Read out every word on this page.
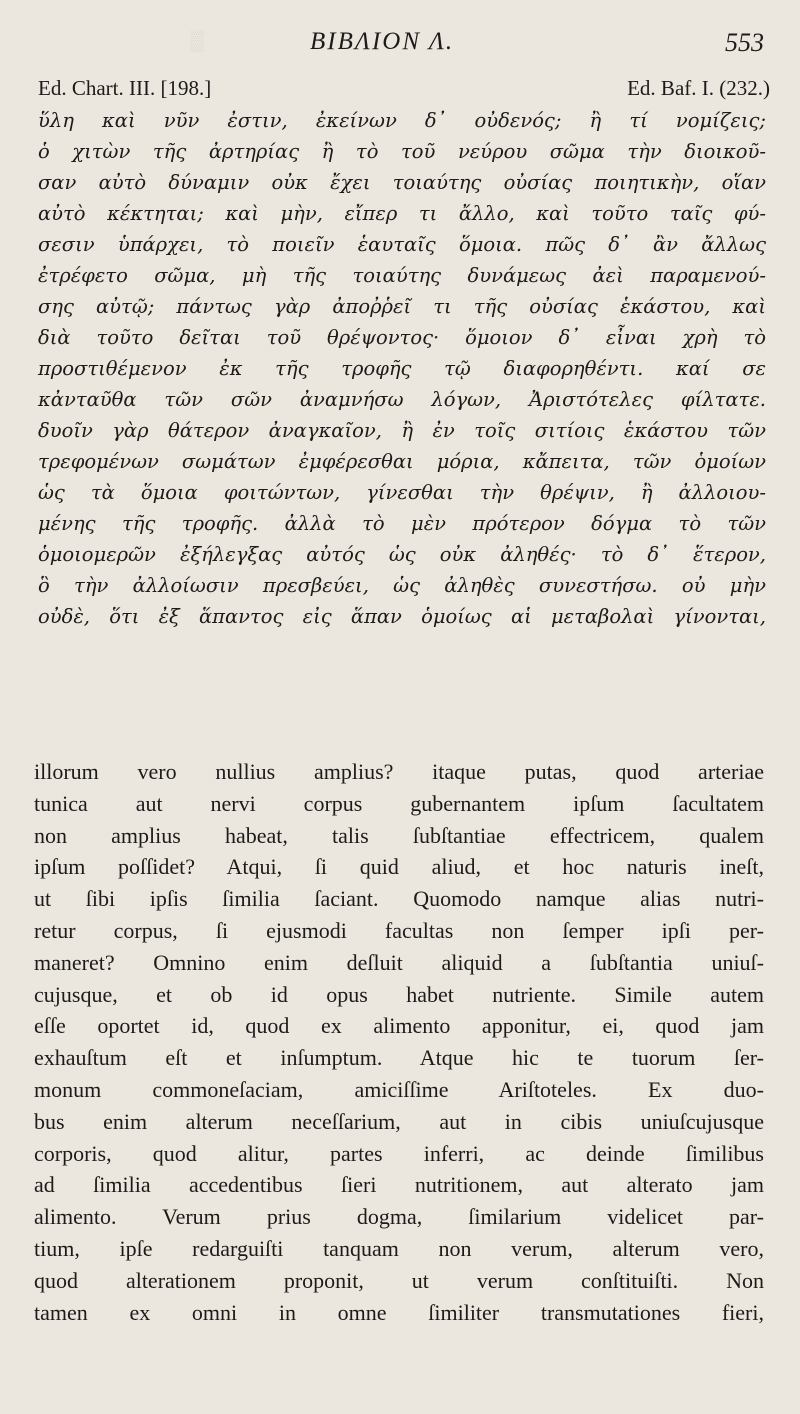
▒	ΒΙΒΛΙΟΝ Λ.	553
Ed. Chart. III. [198.]	Ed. Baf. I. (232.)
ὕλη καὶ νῦν ἐστιν, ἐκείνων δ᾽ οὐδενός; ἢ τί νομίζεις;
ὁ χιτὼν τῆς ἀρτηρίας ἢ τὸ τοῦ νεύρου σῶμα τὴν διοικοῦ-
σαν αὐτὸ δύναμιν οὐκ ἔχει τοιαύτης οὐσίας ποιητικὴν, οἵαν
αὐτὸ κέκτηται; καὶ μὴν, εἴπερ τι ἄλλο, καὶ τοῦτο ταῖς φύ-
σεσιν ὑπάρχει, τὸ ποιεῖν ἑαυταῖς ὅμοια. πῶς δ᾽ ἂν ἄλλως
ἐτρέφετο σῶμα, μὴ τῆς τοιαύτης δυνάμεως ἀεὶ παραμενού-
σης αὐτῷ; πάντως γὰρ ἀποῤῥεῖ τι τῆς οὐσίας ἑκάστου, καὶ
διὰ τοῦτο δεῖται τοῦ θρέψοντος· ὅμοιον δ᾽ εἶναι χρὴ τὸ
προστιθέμενον ἐκ τῆς τροφῆς τῷ διαφορηθέντι. καί σε
κἀνταῦθα τῶν σῶν ἀναμνήσω λόγων, Ἀριστότελες φίλτατε.
δυοῖν γὰρ θάτερον ἀναγκαῖον, ἢ ἐν τοῖς σιτίοις ἑκάστου τῶν
τρεφομένων σωμάτων ἐμφέρεσθαι μόρια, κἄπειτα, τῶν ὁμοίων
ὡς τὰ ὅμοια φοιτώντων, γίνεσθαι τὴν θρέψιν, ἢ ἀλλοιου-
μένης τῆς τροφῆς. ἀλλὰ τὸ μὲν πρότερον δόγμα τὸ τῶν
ὁμοιομερῶν ἐξήλεγξας αὐτός ὡς οὐκ ἀληθές· τὸ δ᾽ ἕτερον,
ὃ τὴν ἀλλοίωσιν πρεσβεύει, ὡς ἀληθὲς συνεστήσω. οὐ μὴν
οὐδὲ, ὅτι ἐξ ἅπαντος εἰς ἅπαν ὁμοίως αἱ μεταβολαὶ γίνονται,
illorum vero nullius amplius? itaque putas, quod arteriae
tunica aut nervi corpus gubernantem ipſum ſacultatem
non amplius habeat, talis ſubſtantiae effectricem, qualem
ipſum poſſidet? Atqui, ſi quid aliud, et hoc naturis ineſt,
ut ſibi ipſis ſimilia ſaciant. Quomodo namque alias nutri-
retur corpus, ſi ejusmodi facultas non ſemper ipſi per-
maneret? Omnino enim deſluit aliquid a ſubſtantia uniuſ-
cujusque, et ob id opus habet nutriente. Simile autem
eſſe oportet id, quod ex alimento apponitur, ei, quod jam
exhauſtum eſt et inſumptum. Atque hic te tuorum ſer-
monum commoneſaciam, amiciſſime Ariſtoteles. Ex duo-
bus enim alterum neceſſarium, aut in cibis uniuſcujusque
corporis, quod alitur, partes inferri, ac deinde ſimilibus
ad ſimilia accedentibus ſieri nutritionem, aut alterato jam
alimento. Verum prius dogma, ſimilarium videlicet par-
tium, ipſe redarguiſti tanquam non verum, alterum vero,
quod alterationem proponit, ut verum conſtituiſti. Non
tamen ex omni in omne ſimiliter transmutationes fieri,
